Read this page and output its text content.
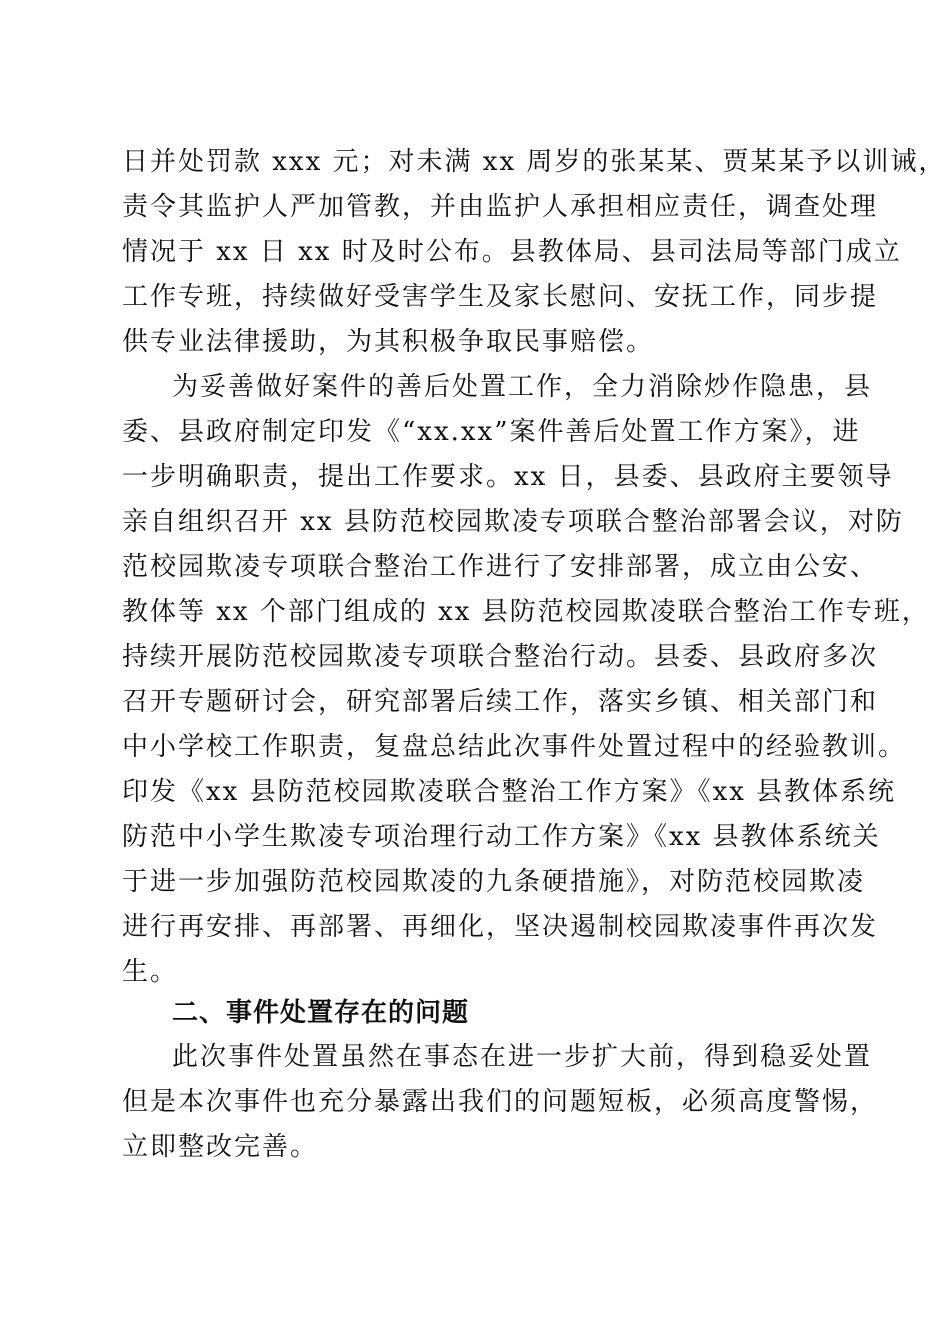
日并处罚款 xxx 元；对未满 xx 周岁的张某某、贾某某予以训诫，
责令其监护人严加管教，并由监护人承担相应责任，调查处理
情况于 xx 日 xx 时及时公布。县教体局、县司法局等部门成立
工作专班，持续做好受害学生及家长慰问、安抚工作，同步提
供专业法律援助，为其积极争取民事赔偿。
为妥善做好案件的善后处置工作，全力消除炒作隐患，县
委、县政府制定印发《“xx.xx”案件善后处置工作方案》，进
一步明确职责，提出工作要求。xx 日，县委、县政府主要领导
亲自组织召开 xx 县防范校园欺凌专项联合整治部署会议，对防
范校园欺凌专项联合整治工作进行了安排部署，成立由公安、
教体等 xx 个部门组成的 xx 县防范校园欺凌联合整治工作专班，
持续开展防范校园欺凌专项联合整治行动。县委、县政府多次
召开专题研讨会，研究部署后续工作，落实乡镇、相关部门和
中小学校工作职责，复盘总结此次事件处置过程中的经验教训。
印发《xx 县防范校园欺凌联合整治工作方案》《xx 县教体系统
防范中小学生欺凌专项治理行动工作方案》《xx 县教体系统关
于进一步加强防范校园欺凌的九条硬措施》，对防范校园欺凌
进行再安排、再部署、再细化，坚决遏制校园欺凌事件再次发
生。
二、事件处置存在的问题
此次事件处置虽然在事态在进一步扩大前，得到稳妥处置
但是本次事件也充分暴露出我们的问题短板，必须高度警惕，
立即整改完善。
